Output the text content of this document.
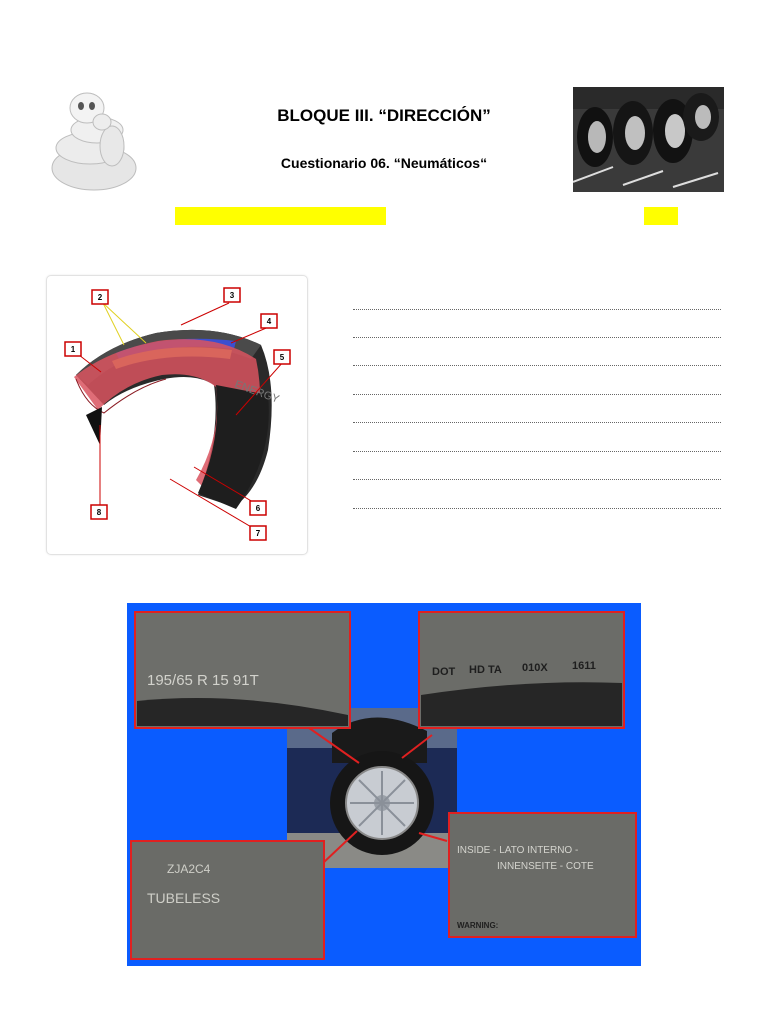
BLOQUE III. “DIRECCIÓN”
Cuestionario 06. “Neumáticos“
ENERGY
1
2	3
4
5
6
7
8
195/65 R 15 91T	DOT HD TA 010X 1611
ZJA2C4
TUBELESS
INSIDE - LATO INTERNO -
INNENSEITE - COTE
WARNING:
